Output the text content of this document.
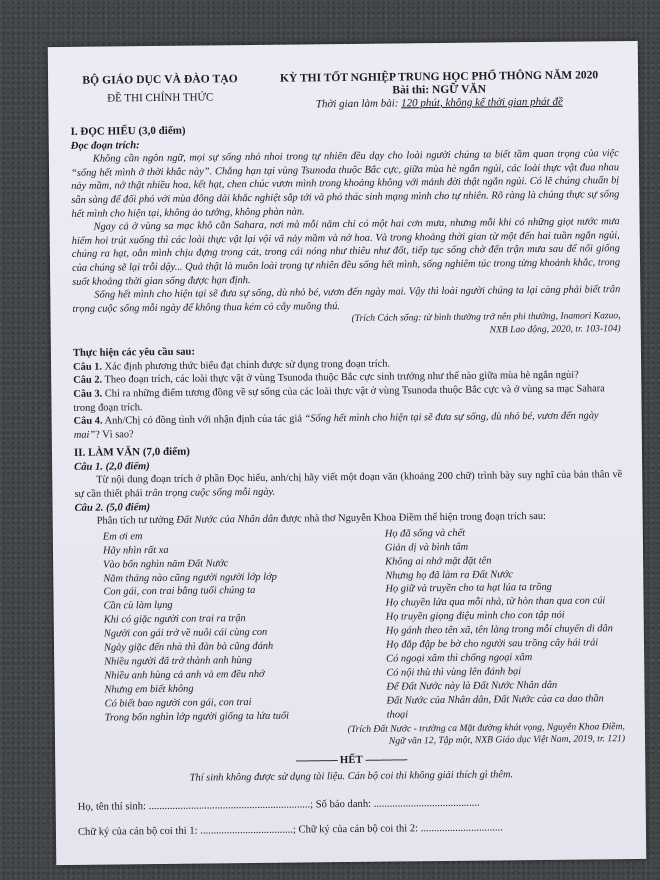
BỘ GIÁO DỤC VÀ ĐÀO TẠO
ĐỀ THI CHÍNH THỨC
KỲ THI TỐT NGHIỆP TRUNG HỌC PHỔ THÔNG NĂM 2020
Bài thi: NGỮ VĂN
Thời gian làm bài: 120 phút, không kể thời gian phát đề
I. ĐỌC HIỂU (3,0 điểm)
Đọc đoạn trích:

Không cần ngôn ngữ, mọi sự sống nhỏ nhoi trong tự nhiên đều dạy cho loài người chúng ta biết tầm quan trọng của việc “sống hết mình ở thời khắc này”. Chẳng hạn tại vùng Tsunoda thuộc Bắc cực, giữa mùa hè ngắn ngủi, các loài thực vật đua nhau nảy mầm, nở thật nhiều hoa, kết hạt, chen chúc vươn mình trong khoảng không với mảnh đời thật ngắn ngủi. Có lẽ chúng chuẩn bị sẵn sàng để đối phó với mùa đông dài khắc nghiệt sắp tới và phó thác sinh mạng mình cho tự nhiên. Rõ ràng là chúng thực sự sống hết mình cho hiện tại, không ảo tưởng, không phàn nàn.

Ngay cả ở vùng sa mạc khô cằn Sahara, nơi mà mỗi năm chỉ có một hai cơn mưa, nhưng mỗi khi có những giọt nước mưa hiếm hoi trút xuống thì các loài thực vật lại vội vã nảy mầm và nở hoa. Và trong khoảng thời gian từ một đến hai tuần ngắn ngủi, chúng ra hạt, oằn mình chịu đựng trong cát, trong cái nóng như thiêu như đốt, tiếp tục sống chờ đến trận mưa sau để nối giống của chúng sẽ lại trỗi dậy... Quả thật là muôn loài trong tự nhiên đều sống hết mình, sống nghiêm túc trong từng khoảnh khắc, trong suốt khoảng thời gian sống được hạn định.

Sống hết mình cho hiện tại sẽ đưa sự sống, dù nhỏ bé, vươn đến ngày mai. Vậy thì loài người chúng ta lại càng phải biết trân trọng cuộc sống mỗi ngày để không thua kém cỏ cây muông thú.

(Trích Cách sống: từ bình thường trở nên phi thường, Inamori Kazuo,
NXB Lao động, 2020, tr. 103-104)
Thực hiện các yêu cầu sau:

Câu 1. Xác định phương thức biểu đạt chính được sử dụng trong đoạn trích.

Câu 2. Theo đoạn trích, các loài thực vật ở vùng Tsunoda thuộc Bắc cực sinh trưởng như thế nào giữa mùa hè ngắn ngủi?

Câu 3. Chỉ ra những điểm tương đồng về sự sống của các loài thực vật ở vùng Tsunoda thuộc Bắc cực và ở vùng sa mạc Sahara trong đoạn trích.

Câu 4. Anh/Chị có đồng tình với nhận định của tác giả “Sống hết mình cho hiện tại sẽ đưa sự sống, dù nhỏ bé, vươn đến ngày mai”? Vì sao?

II. LÀM VĂN (7,0 điểm)
Câu 1. (2,0 điểm)

Từ nội dung đoạn trích ở phần Đọc hiểu, anh/chị hãy viết một đoạn văn (khoảng 200 chữ) trình bày suy nghĩ của bản thân về sự cần thiết phải trân trọng cuộc sống mỗi ngày.

Câu 2. (5,0 điểm)

Phân tích tư tưởng Đất Nước của Nhân dân được nhà thơ Nguyễn Khoa Điềm thể hiện trong đoạn trích sau:

Em ơi em
Hãy nhìn rất xa
Vào bốn nghìn năm Đất Nước
Năm tháng nào cũng người người lớp lớp
Con gái, con trai bằng tuổi chúng ta
Cần cù làm lụng
Khi có giặc người con trai ra trận
Người con gái trở về nuôi cái cùng con
Ngày giặc đến nhà thì đàn bà cũng đánh
Nhiều người đã trở thành anh hùng
Nhiều anh hùng cả anh và em đều nhớ
Nhưng em biết không
Có biết bao người con gái, con trai
Trong bốn nghìn lớp người giống ta lứa tuổi
Họ đã sống và chết
Giản dị và bình tâm
Không ai nhớ mặt đặt tên
Nhưng họ đã làm ra Đất Nước
Họ giữ và truyền cho ta hạt lúa ta trồng
Họ chuyền lửa qua mỗi nhà, từ hòn than qua con cúi
Họ truyền giọng điệu mình cho con tập nói
Họ gánh theo tên xã, tên làng trong mỗi chuyến di dân
Họ đắp đập be bờ cho người sau trồng cây hái trái
Có ngoại xâm thì chống ngoại xâm
Có nội thù thì vùng lên đánh bại
Để Đất Nước này là Đất Nước Nhân dân
Đất Nước của Nhân dân, Đất Nước của ca dao thần thoại
(Trích Đất Nước - trường ca Mặt đường khát vọng, Nguyễn Khoa Điềm,
Ngữ văn 12, Tập một, NXB Giáo dục Việt Nam, 2019, tr. 121)
---------------- HẾT ----------------
Thí sinh không được sử dụng tài liệu. Cán bộ coi thi không giải thích gì thêm.
Họ, tên thí sinh: .............................................................; Số báo danh: ........................................
Chữ ký của cán bộ coi thi 1: ...................................; Chữ ký của cán bộ coi thi 2: ...............................
